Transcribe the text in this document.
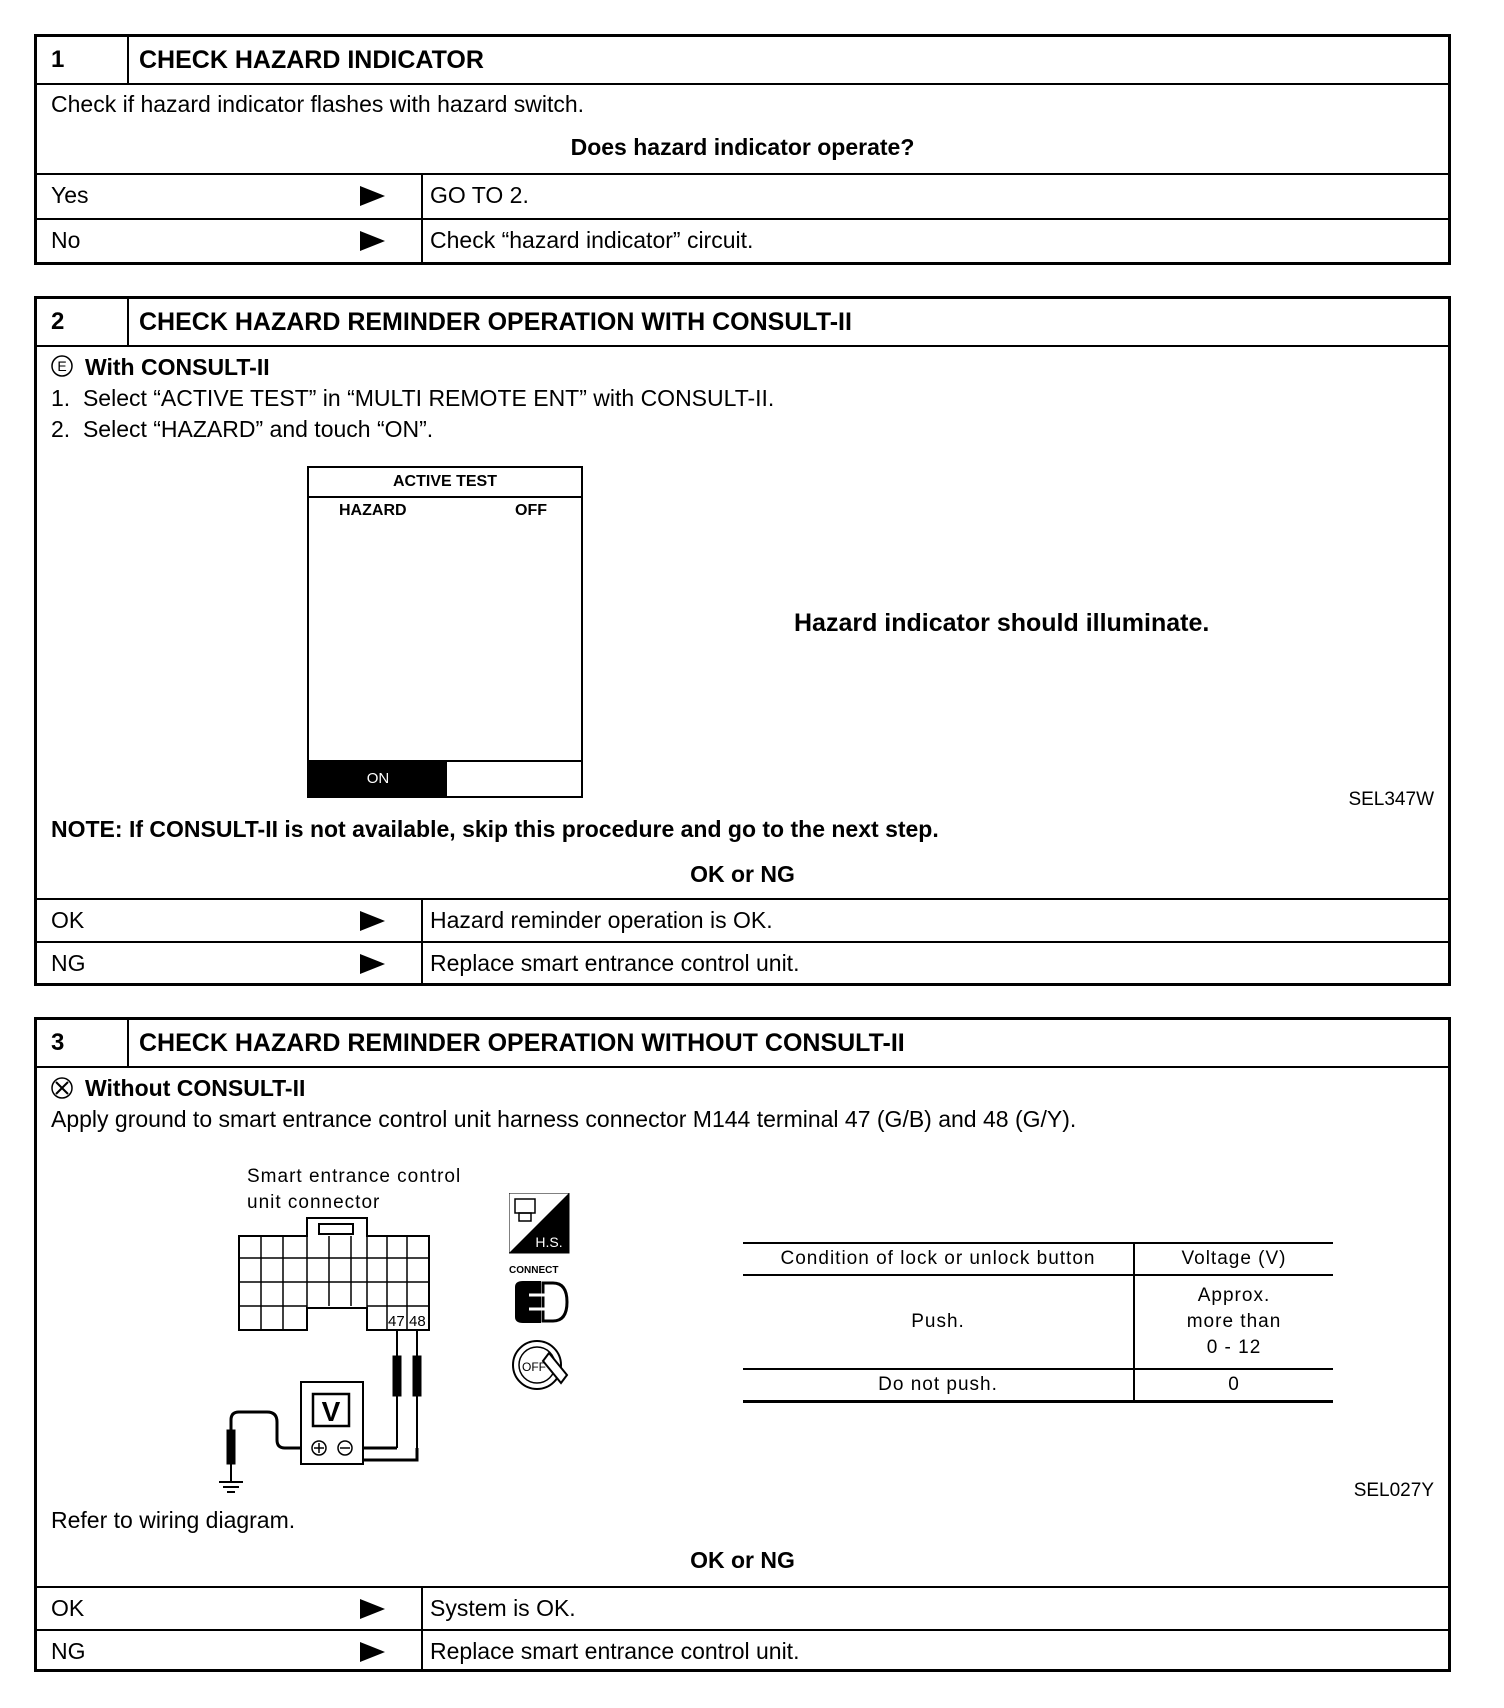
1	CHECK HAZARD INDICATOR
Check if hazard indicator flashes with hazard switch.
Does hazard indicator operate?
Yes	GO TO 2.
No	Check “hazard indicator” circuit.
2	CHECK HAZARD REMINDER OPERATION WITH CONSULT-II
E With CONSULT-II
1.  Select “ACTIVE TEST” in “MULTI REMOTE ENT” with CONSULT-II.
2.  Select “HAZARD” and touch “ON”.
ACTIVE TEST
HAZARD	OFF
ON
Hazard indicator should illuminate.
SEL347W
NOTE: If CONSULT-II is not available, skip this procedure and go to the next step.
OK or NG
OK	Hazard reminder operation is OK.
NG	Replace smart entrance control unit.
3	CHECK HAZARD REMINDER OPERATION WITHOUT CONSULT-II
Without CONSULT-II
Apply ground to smart entrance control unit harness connector M144 terminal 47 (G/B) and 48 (G/Y).
Smart entrance control
unit connector
47 48
V
H.S.
CONNECT
OFF
Condition of lock or unlock button	Voltage (V)
Push.	Approx.
more than
0 - 12

Do not push.	0
SEL027Y
Refer to wiring diagram.
OK or NG
OK	System is OK.
NG	Replace smart entrance control unit.
